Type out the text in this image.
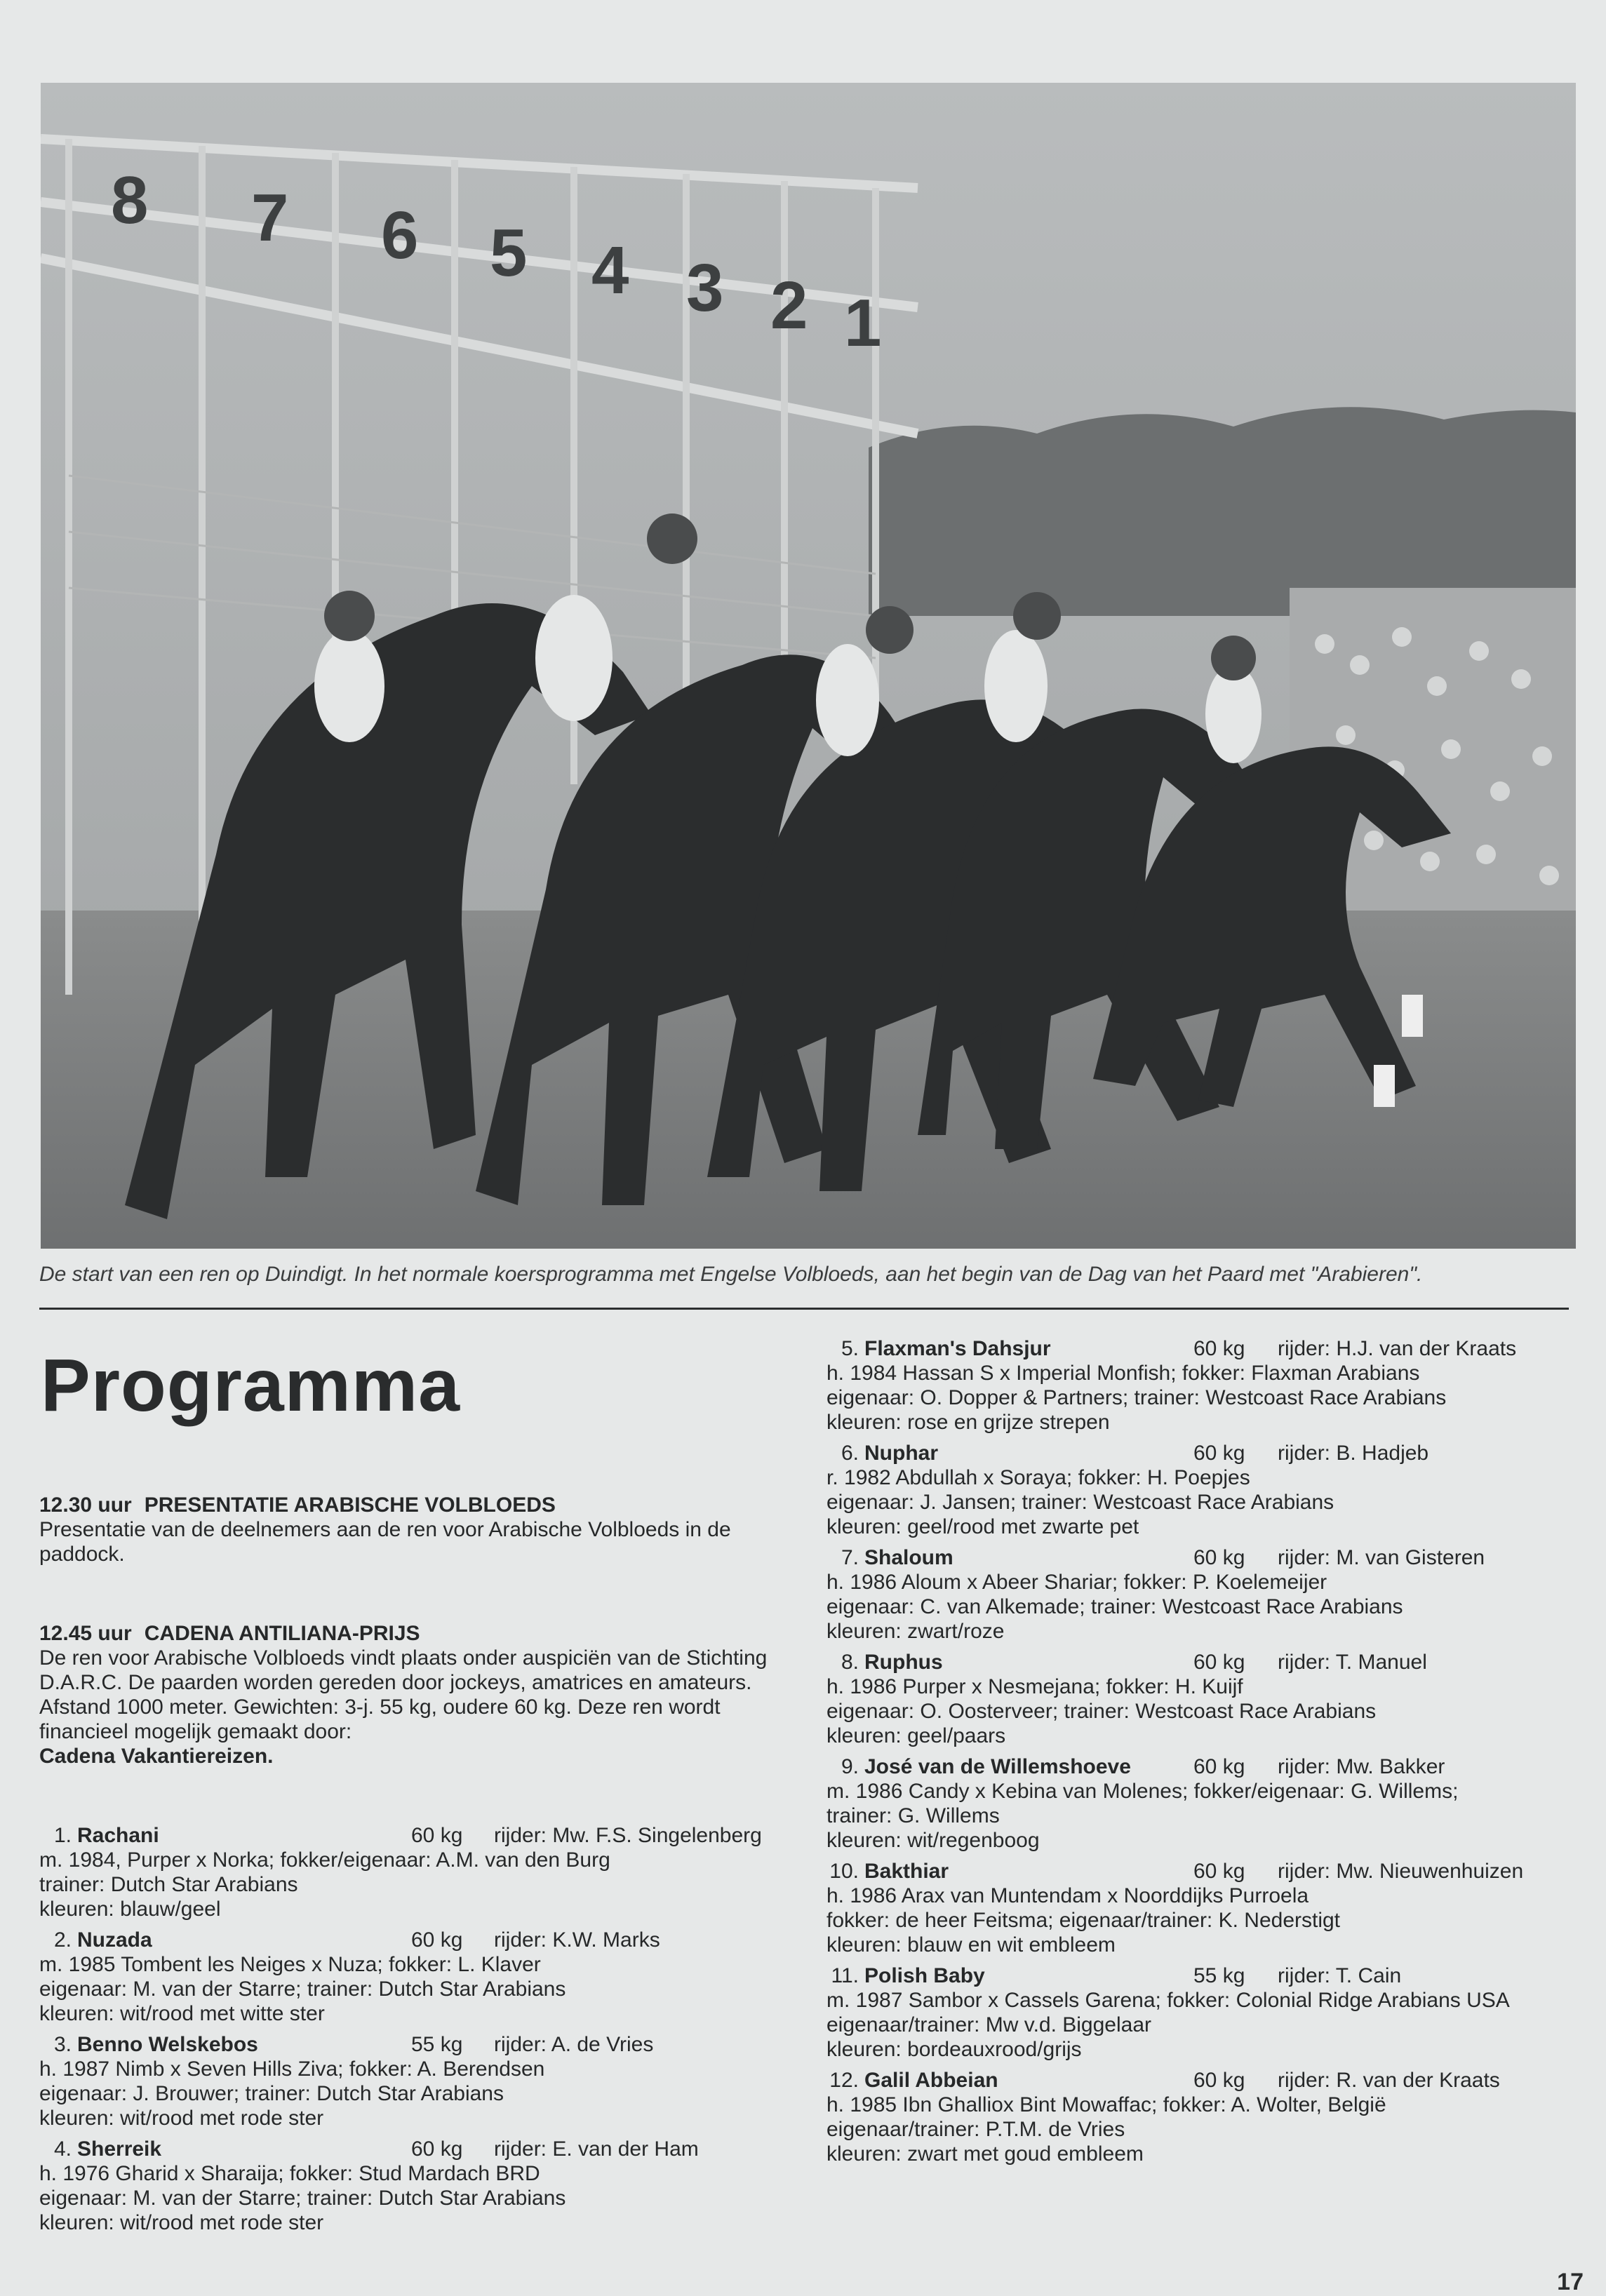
8 7 6 5 4 3 2 1
De start van een ren op Duindigt. In het normale koersprogramma met Engelse Volbloeds, aan het begin van de Dag van het Paard met "Arabieren".
Programma
12.30 uur PRESENTATIE ARABISCHE VOLBLOEDS
Presentatie van de deelnemers aan de ren voor Arabische Volbloeds in de paddock.
12.45 uur CADENA ANTILIANA-PRIJS
De ren voor Arabische Volbloeds vindt plaats onder auspiciën van de Stichting D.A.R.C. De paarden worden gereden door jockeys, amatrices en amateurs. Afstand 1000 meter. Gewichten: 3-j. 55 kg, oudere 60 kg. Deze ren wordt financieel mogelijk gemaakt door:
Cadena Vakantiereizen.
1. Rachani	60 kg rijder: Mw. F.S. Singelenberg
m. 1984, Purper x Norka; fokker/eigenaar: A.M. van den Burg
trainer: Dutch Star Arabians
kleuren: blauw/geel
2. Nuzada	60 kg rijder: K.W. Marks
m. 1985 Tombent les Neiges x Nuza; fokker: L. Klaver
eigenaar: M. van der Starre; trainer: Dutch Star Arabians
kleuren: wit/rood met witte ster
3. Benno Welskebos	55 kg rijder: A. de Vries
h. 1987 Nimb x Seven Hills Ziva; fokker: A. Berendsen
eigenaar: J. Brouwer; trainer: Dutch Star Arabians
kleuren: wit/rood met rode ster
4. Sherreik	60 kg rijder: E. van der Ham
h. 1976 Gharid x Sharaija; fokker: Stud Mardach BRD
eigenaar: M. van der Starre; trainer: Dutch Star Arabians
kleuren: wit/rood met rode ster
5. Flaxman's Dahsjur	60 kg rijder: H.J. van der Kraats
h. 1984 Hassan S x Imperial Monfish; fokker: Flaxman Arabians
eigenaar: O. Dopper & Partners; trainer: Westcoast Race Arabians
kleuren: rose en grijze strepen
6. Nuphar	60 kg rijder: B. Hadjeb
r. 1982 Abdullah x Soraya; fokker: H. Poepjes
eigenaar: J. Jansen; trainer: Westcoast Race Arabians
kleuren: geel/rood met zwarte pet
7. Shaloum	60 kg rijder: M. van Gisteren
h. 1986 Aloum x Abeer Shariar; fokker: P. Koelemeijer
eigenaar: C. van Alkemade; trainer: Westcoast Race Arabians
kleuren: zwart/roze
8. Ruphus	60 kg rijder: T. Manuel
h. 1986 Purper x Nesmejana; fokker: H. Kuijf
eigenaar: O. Oosterveer; trainer: Westcoast Race Arabians
kleuren: geel/paars
9. José van de Willemshoeve	60 kg rijder: Mw. Bakker
m. 1986 Candy x Kebina van Molenes; fokker/eigenaar: G. Willems;
trainer: G. Willems
kleuren: wit/regenboog
10. Bakthiar	60 kg rijder: Mw. Nieuwenhuizen
h. 1986 Arax van Muntendam x Noorddijks Purroela
fokker: de heer Feitsma; eigenaar/trainer: K. Nederstigt
kleuren: blauw en wit embleem
11. Polish Baby	55 kg rijder: T. Cain
m. 1987 Sambor x Cassels Garena; fokker: Colonial Ridge Arabians USA
eigenaar/trainer: Mw v.d. Biggelaar
kleuren: bordeauxrood/grijs
12. Galil Abbeian	60 kg rijder: R. van der Kraats
h. 1985 Ibn Ghalliox Bint Mowaffac; fokker: A. Wolter, België
eigenaar/trainer: P.T.M. de Vries
kleuren: zwart met goud embleem
17
